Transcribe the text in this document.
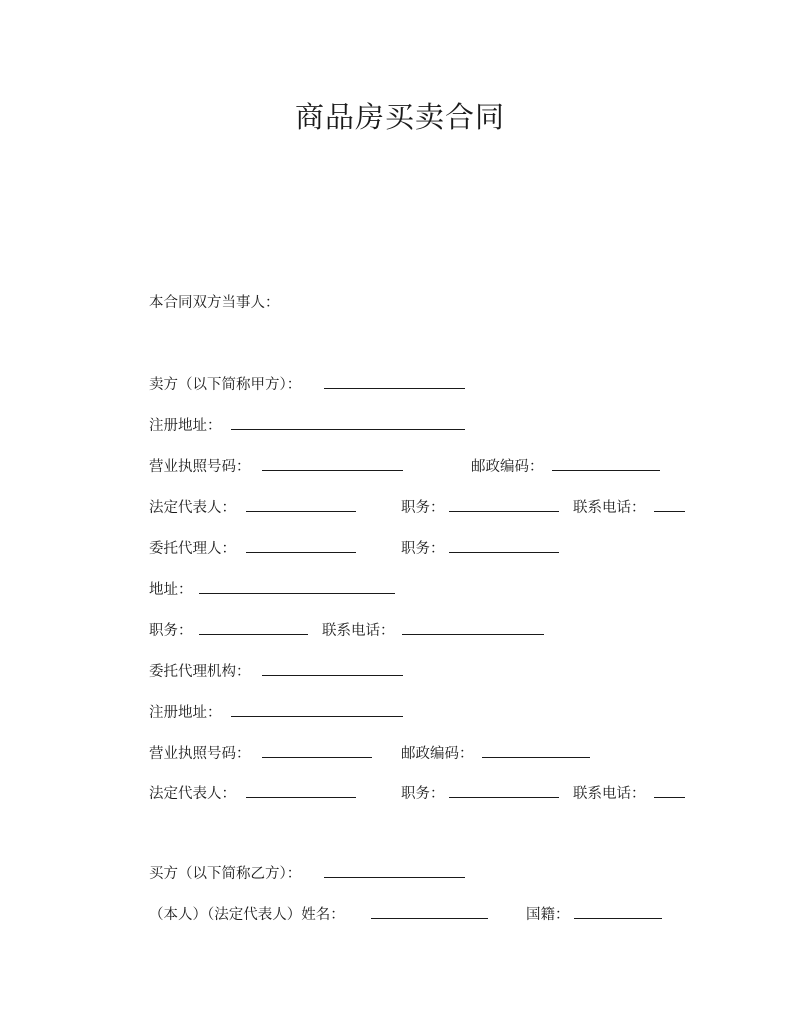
商品房买卖合同
本合同双方当事人：
卖方（以下简称甲方）：
注册地址：
营业执照号码：	邮政编码：
法定代表人：	职务：	联系电话：
委托代理人：	职务：
地址：
职务：	联系电话：
委托代理机构：
注册地址：
营业执照号码：	邮政编码：
法定代表人：	职务：	联系电话：
买方（以下简称乙方）：
（本人）（法定代表人）姓名：	国籍：
